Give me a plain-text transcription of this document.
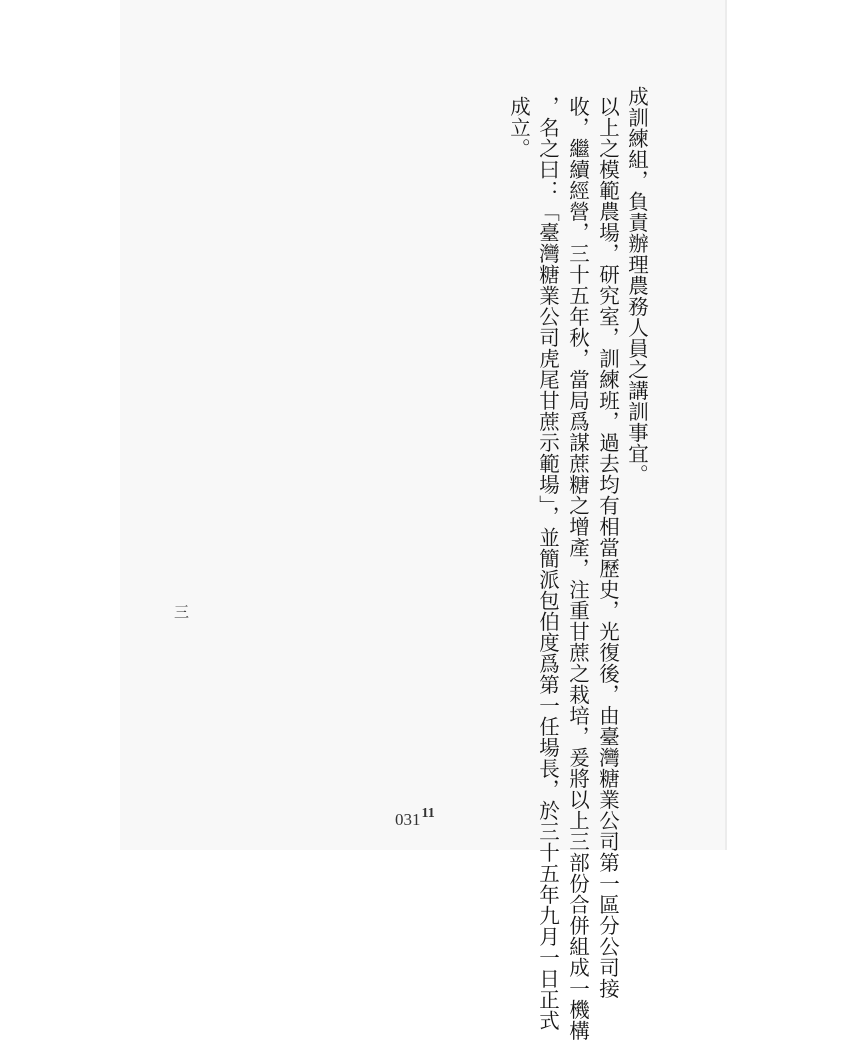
成訓練組，負責辦理農務人員之講訓事宜。
以上之模範農場，研究室，訓練班，過去均有相當歷史，光復後，由臺灣糖業公司第一區分公司接
收，繼續經營，三十五年秋，當局爲謀蔗糖之增產，注重甘蔗之栽培，爰將以上三部份合併組成一機構
，名之曰：「臺灣糖業公司虎尾甘蔗示範場」，並簡派包伯度爲第一任場長，於三十五年九月一日正式
成立。
三
03111
